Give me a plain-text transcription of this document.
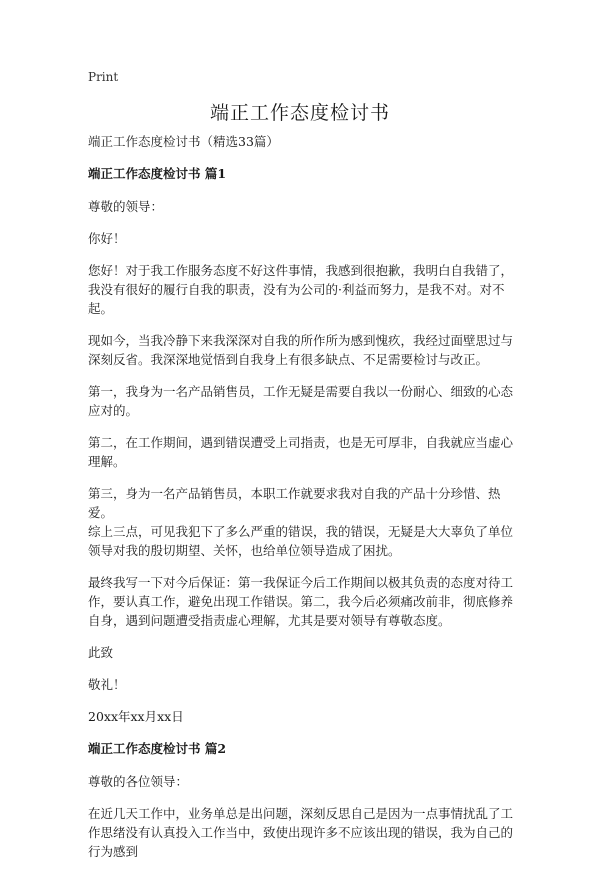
Print
端正工作态度检讨书

端正工作态度检讨书（精选33篇）

端正工作态度检讨书 篇1

尊敬的领导：

你好！

您好！对于我工作服务态度不好这件事情，我感到很抱歉，我明白自我错了，我没有很好的履行自我的职责，没有为公司的·利益而努力，是我不对。对不起。

现如今，当我冷静下来我深深对自我的所作所为感到愧疚，我经过面壁思过与深刻反省。我深深地觉悟到自我身上有很多缺点、不足需要检讨与改正。

第一，我身为一名产品销售员，工作无疑是需要自我以一份耐心、细致的心态应对的。

第二，在工作期间，遇到错误遭受上司指责，也是无可厚非，自我就应当虚心理解。

第三，身为一名产品销售员，本职工作就要求我对自我的产品十分珍惜、热爱。

综上三点，可见我犯下了多么严重的错误，我的错误，无疑是大大辜负了单位领导对我的殷切期望、关怀，也给单位领导造成了困扰。

最终我写一下对今后保证：第一我保证今后工作期间以极其负责的态度对待工作，要认真工作，避免出现工作错误。第二，我今后必须痛改前非，彻底修养自身，遇到问题遭受指责虚心理解，尤其是要对领导有尊敬态度。

此致

敬礼！

20xx年xx月xx日

端正工作态度检讨书 篇2

尊敬的各位领导：

在近几天工作中，业务单总是出问题，深刻反思自己是因为一点事情扰乱了工作思绪没有认真投入工作当中，致使出现许多不应该出现的错误，我为自己的行为感到
